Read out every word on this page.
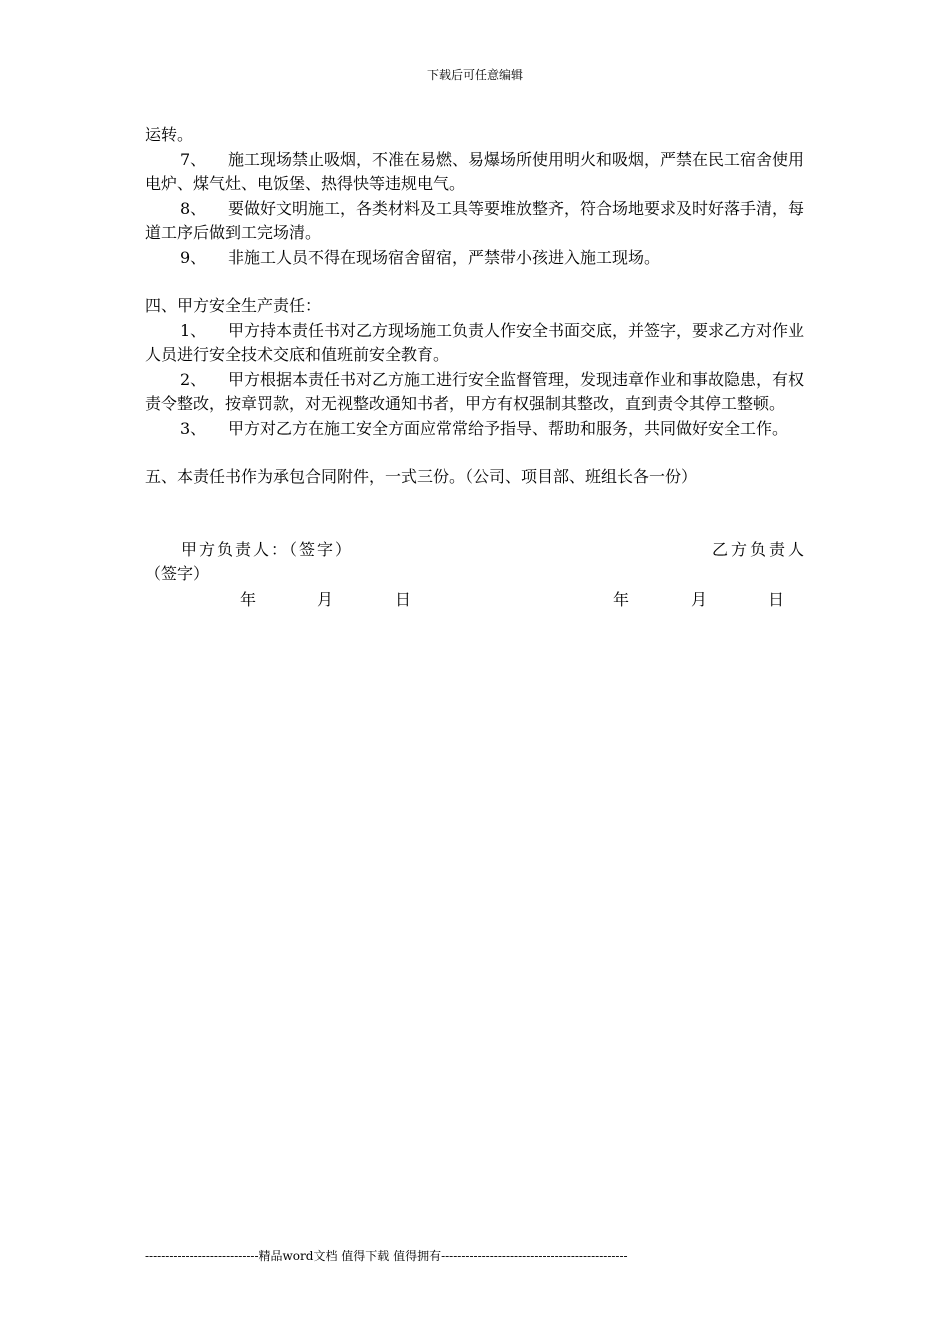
下载后可任意编辑

运转。

7、 施工现场禁止吸烟，不准在易燃、易爆场所使用明火和吸烟，严禁在民工宿舍使用电炉、煤气灶、电饭堡、热得快等违规电气。

8、 要做好文明施工，各类材料及工具等要堆放整齐，符合场地要求及时好落手清，每道工序后做到工完场清。

9、 非施工人员不得在现场宿舍留宿，严禁带小孩进入施工现场。

四、甲方安全生产责任：

1、 甲方持本责任书对乙方现场施工负责人作安全书面交底，并签字，要求乙方对作业人员进行安全技术交底和值班前安全教育。

2、 甲方根据本责任书对乙方施工进行安全监督管理，发现违章作业和事故隐患，有权责令整改，按章罚款，对无视整改通知书者，甲方有权强制其整改，直到责令其停工整顿。

3、 甲方对乙方在施工安全方面应常常给予指导、帮助和服务，共同做好安全工作。

五、本责任书作为承包合同附件，一式三份。（公司、项目部、班组长各一份）

甲方负责人：（签字）	乙方负责人
（签字）
年	月	日	年	月	日
----------------------------精品word文档 值得下载 值得拥有----------------------------------------------
